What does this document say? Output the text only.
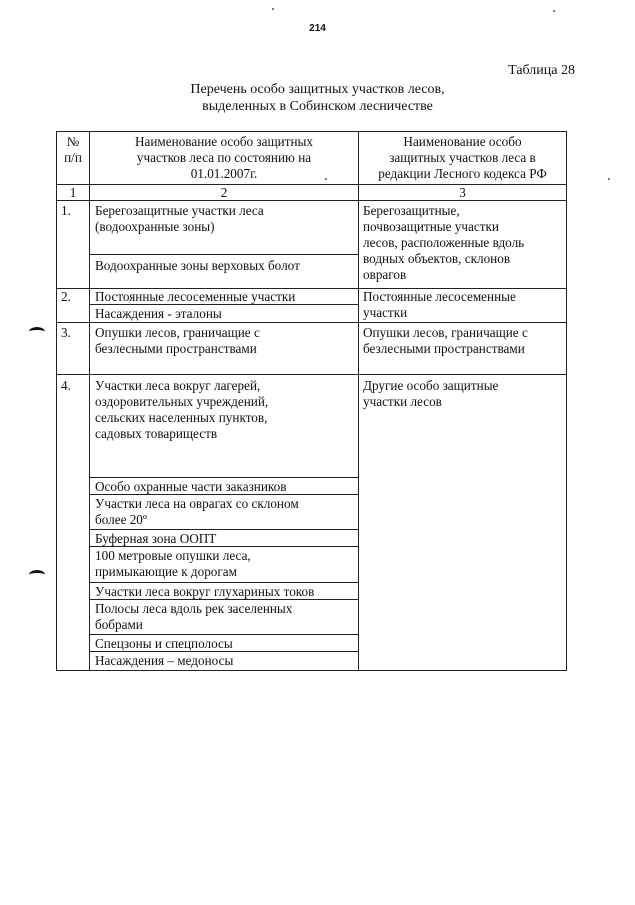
214
Таблица 28
Перечень особо защитных участков лесов,
выделенных в Собинском лесничестве
№
п/п
Наименование особо защитных
участков леса по состоянию на
01.01.2007г.
Наименование особо
защитных участков леса в
редакции Лесного кодекса РФ
1	2	3
1. Берегозащитные участки леса
(водоохранные зоны)
Водоохранные зоны верховых болот
Берегозащитные,
почвозащитные участки
лесов, расположенные вдоль
водных объектов, склонов
оврагов
2. Постоянные лесосеменные участки
Насаждения - эталоны
Постоянные лесосеменные
участки
3. Опушки лесов, граничащие с
безлесными пространствами
Опушки лесов, граничащие с
безлесными пространствами
4. Участки леса вокруг лагерей,
оздоровительных учреждений,
сельских населенных пунктов,
садовых товариществ
Особо охранные части заказников
Участки леса на оврагах со склоном
более 20º
Буферная зона ООПТ
100 метровые опушки леса,
примыкающие к дорогам
Участки леса вокруг глухариных токов
Полосы леса вдоль рек заселенных
бобрами
Спецзоны и спецполосы
Насаждения – медоносы
Другие особо защитные
участки лесов
